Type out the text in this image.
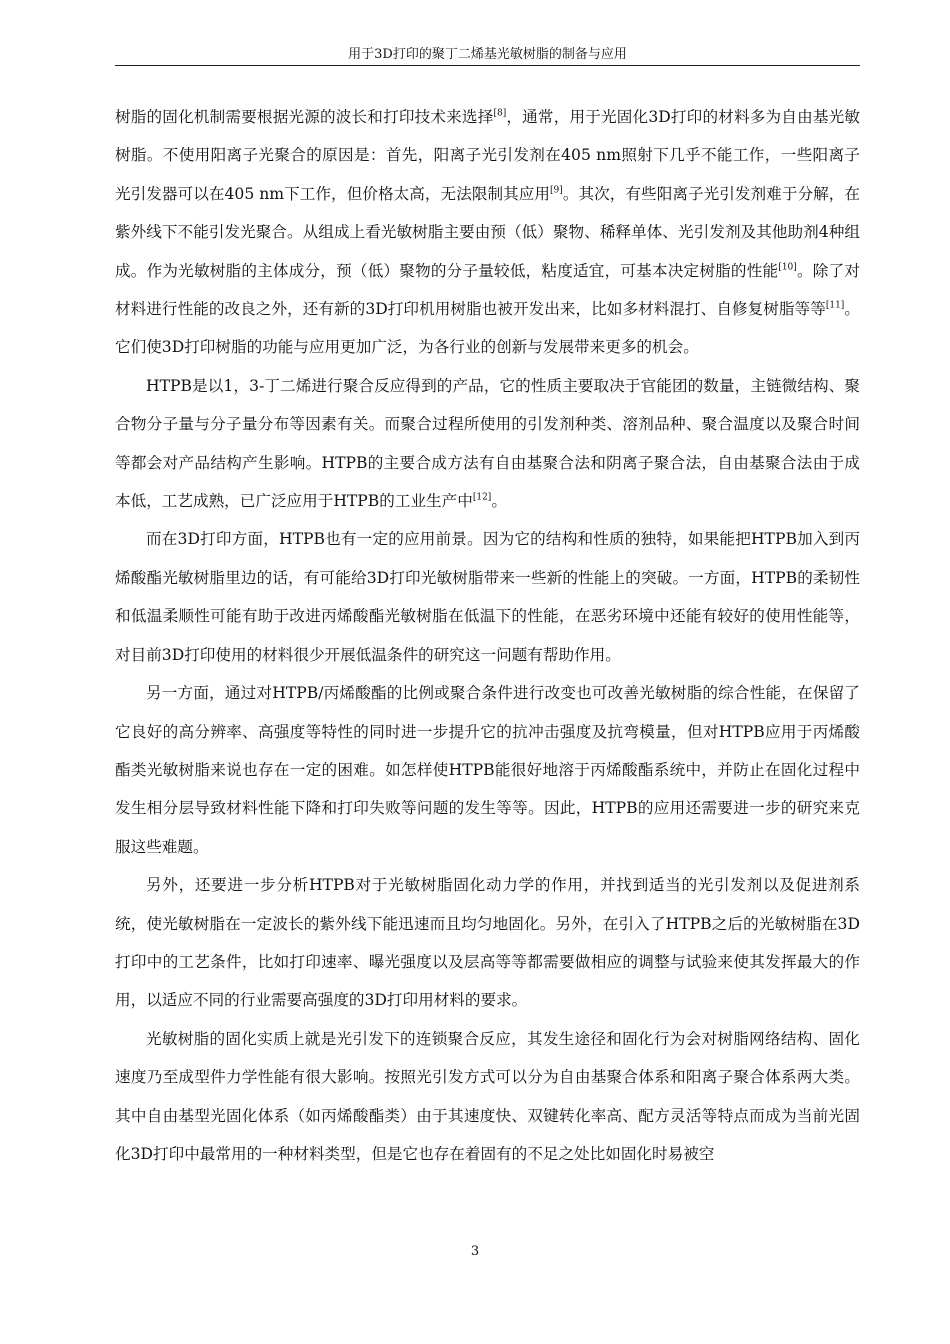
用于3D打印的聚丁二烯基光敏树脂的制备与应用

树脂的固化机制需要根据光源的波长和打印技术来选择[8]，通常，用于光固化3D打印的材料多为自由基光敏树脂。不使用阳离子光聚合的原因是：首先，阳离子光引发剂在405 nm照射下几乎不能工作，一些阳离子光引发器可以在405 nm下工作，但价格太高，无法限制其应用[9]。其次，有些阳离子光引发剂难于分解，在紫外线下不能引发光聚合。从组成上看光敏树脂主要由预（低）聚物、稀释单体、光引发剂及其他助剂4种组成。作为光敏树脂的主体成分，预（低）聚物的分子量较低，粘度适宜，可基本决定树脂的性能[10]。除了对材料进行性能的改良之外，还有新的3D打印机用树脂也被开发出来，比如多材料混打、自修复树脂等等[11]。它们使3D打印树脂的功能与应用更加广泛，为各行业的创新与发展带来更多的机会。

HTPB是以1，3-丁二烯进行聚合反应得到的产品，它的性质主要取决于官能团的数量，主链微结构、聚合物分子量与分子量分布等因素有关。而聚合过程所使用的引发剂种类、溶剂品种、聚合温度以及聚合时间等都会对产品结构产生影响。HTPB的主要合成方法有自由基聚合法和阴离子聚合法，自由基聚合法由于成本低，工艺成熟，已广泛应用于HTPB的工业生产中[12]。

而在3D打印方面，HTPB也有一定的应用前景。因为它的结构和性质的独特，如果能把HTPB加入到丙烯酸酯光敏树脂里边的话，有可能给3D打印光敏树脂带来一些新的性能上的突破。一方面，HTPB的柔韧性和低温柔顺性可能有助于改进丙烯酸酯光敏树脂在低温下的性能，在恶劣环境中还能有较好的使用性能等，对目前3D打印使用的材料很少开展低温条件的研究这一问题有帮助作用。

另一方面，通过对HTPB/丙烯酸酯的比例或聚合条件进行改变也可改善光敏树脂的综合性能，在保留了它良好的高分辨率、高强度等特性的同时进一步提升它的抗冲击强度及抗弯模量，但对HTPB应用于丙烯酸酯类光敏树脂来说也存在一定的困难。如怎样使HTPB能很好地溶于丙烯酸酯系统中，并防止在固化过程中发生相分层导致材料性能下降和打印失败等问题的发生等等。因此，HTPB的应用还需要进一步的研究来克服这些难题。

另外，还要进一步分析HTPB对于光敏树脂固化动力学的作用，并找到适当的光引发剂以及促进剂系统，使光敏树脂在一定波长的紫外线下能迅速而且均匀地固化。另外，在引入了HTPB之后的光敏树脂在3D打印中的工艺条件，比如打印速率、曝光强度以及层高等等都需要做相应的调整与试验来使其发挥最大的作用，以适应不同的行业需要高强度的3D打印用材料的要求。

光敏树脂的固化实质上就是光引发下的连锁聚合反应，其发生途径和固化行为会对树脂网络结构、固化速度乃至成型件力学性能有很大影响。按照光引发方式可以分为自由基聚合体系和阳离子聚合体系两大类。其中自由基型光固化体系（如丙烯酸酯类）由于其速度快、双键转化率高、配方灵活等特点而成为当前光固化3D打印中最常用的一种材料类型，但是它也存在着固有的不足之处比如固化时易被空

3
